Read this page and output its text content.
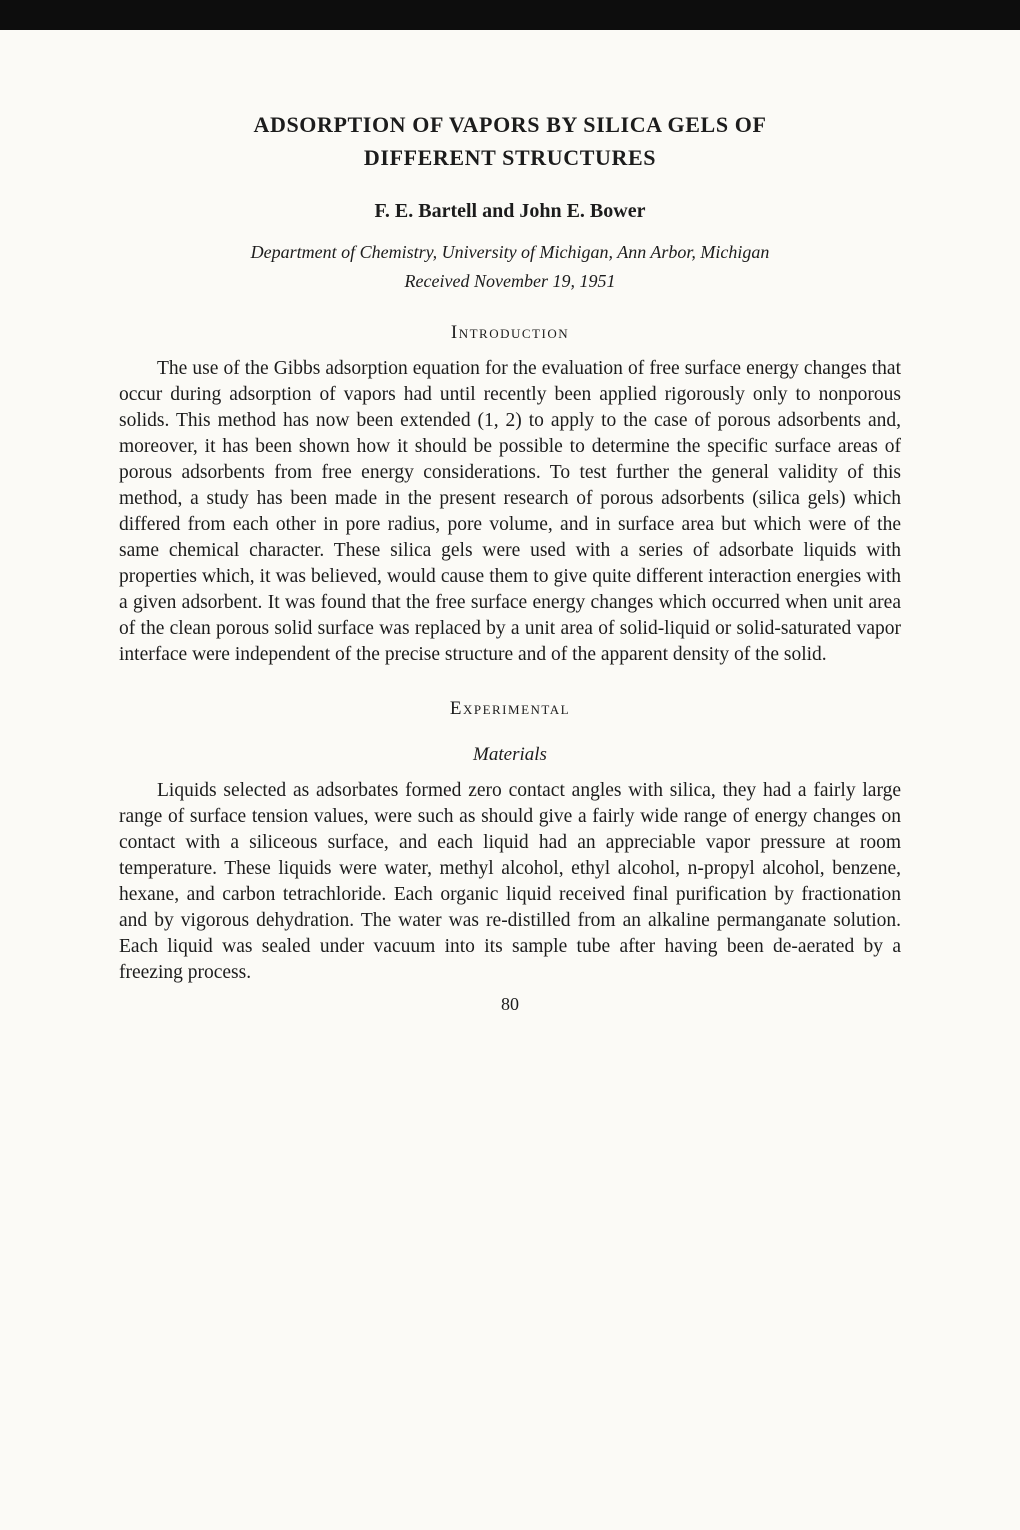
ADSORPTION OF VAPORS BY SILICA GELS OF
DIFFERENT STRUCTURES
F. E. Bartell and John E. Bower
Department of Chemistry, University of Michigan, Ann Arbor, Michigan
Received November 19, 1951
Introduction

The use of the Gibbs adsorption equation for the evaluation of free surface energy changes that occur during adsorption of vapors had until recently been applied rigorously only to nonporous solids. This method has now been extended (1, 2) to apply to the case of porous adsorbents and, moreover, it has been shown how it should be possible to determine the specific surface areas of porous adsorbents from free energy considerations. To test further the general validity of this method, a study has been made in the present research of porous adsorbents (silica gels) which differed from each other in pore radius, pore volume, and in surface area but which were of the same chemical character. These silica gels were used with a series of adsorbate liquids with properties which, it was believed, would cause them to give quite different interaction energies with a given adsorbent. It was found that the free surface energy changes which occurred when unit area of the clean porous solid surface was replaced by a unit area of solid-liquid or solid-saturated vapor interface were independent of the precise structure and of the apparent density of the solid.

Experimental
Materials

Liquids selected as adsorbates formed zero contact angles with silica, they had a fairly large range of surface tension values, were such as should give a fairly wide range of energy changes on contact with a siliceous surface, and each liquid had an appreciable vapor pressure at room temperature. These liquids were water, methyl alcohol, ethyl alcohol, n-propyl alcohol, benzene, hexane, and carbon tetrachloride. Each organic liquid received final purification by fractionation and by vigorous dehydration. The water was re-distilled from an alkaline permanganate solution. Each liquid was sealed under vacuum into its sample tube after having been de-aerated by a freezing process.

80
